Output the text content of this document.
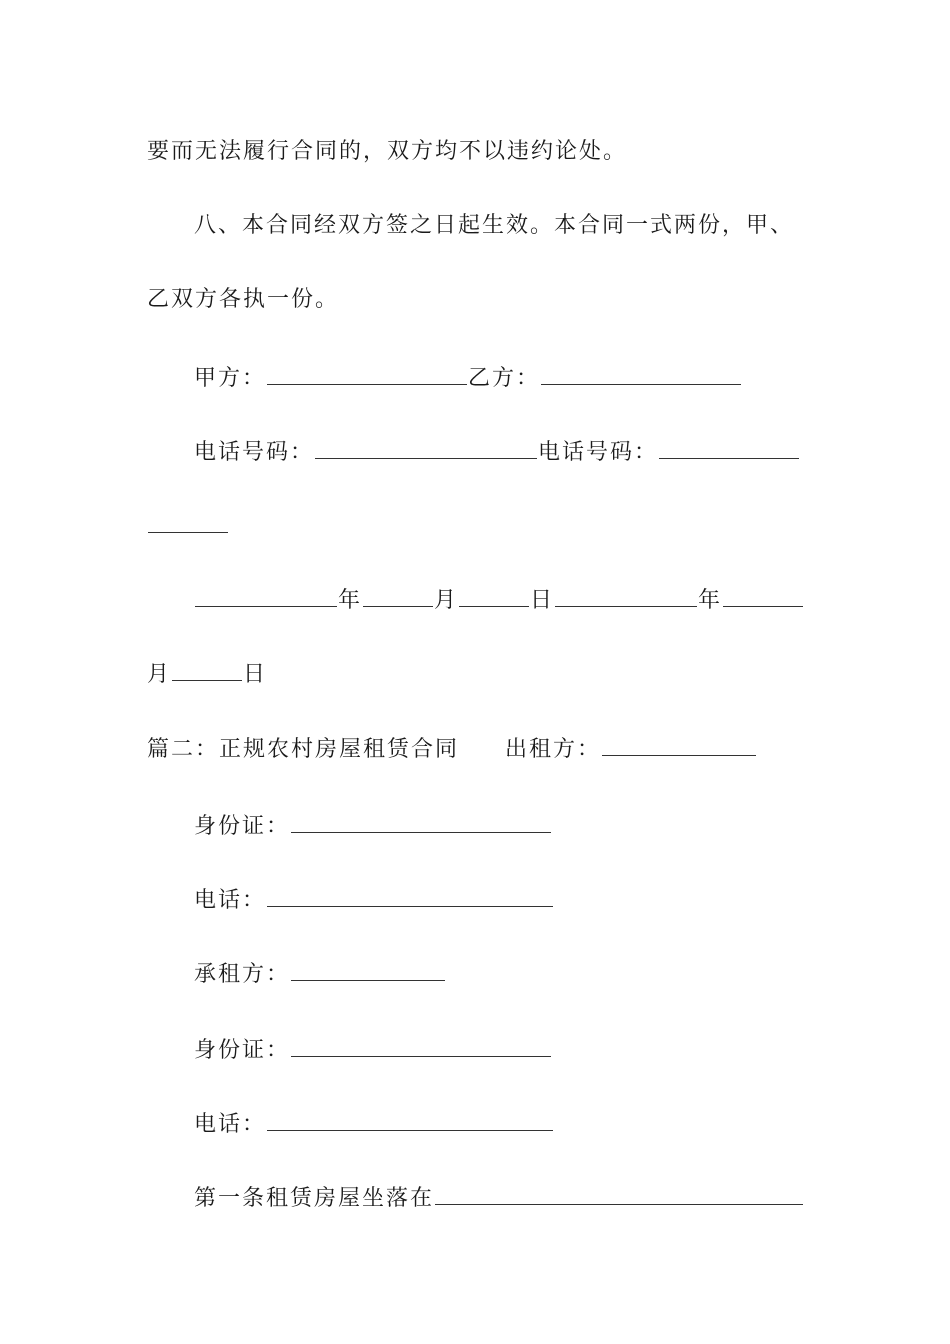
要而无法履行合同的，双方均不以违约论处。
八、本合同经双方签之日起生效。本合同一式两份，甲、
乙双方各执一份。
甲方：	乙方：
电话号码：	电话号码：
年	月	日	年
月	日
篇二：正规农村房屋租赁合同 出租方：
身份证：
电话：
承租方：
身份证：
电话：
第一条租赁房屋坐落在
